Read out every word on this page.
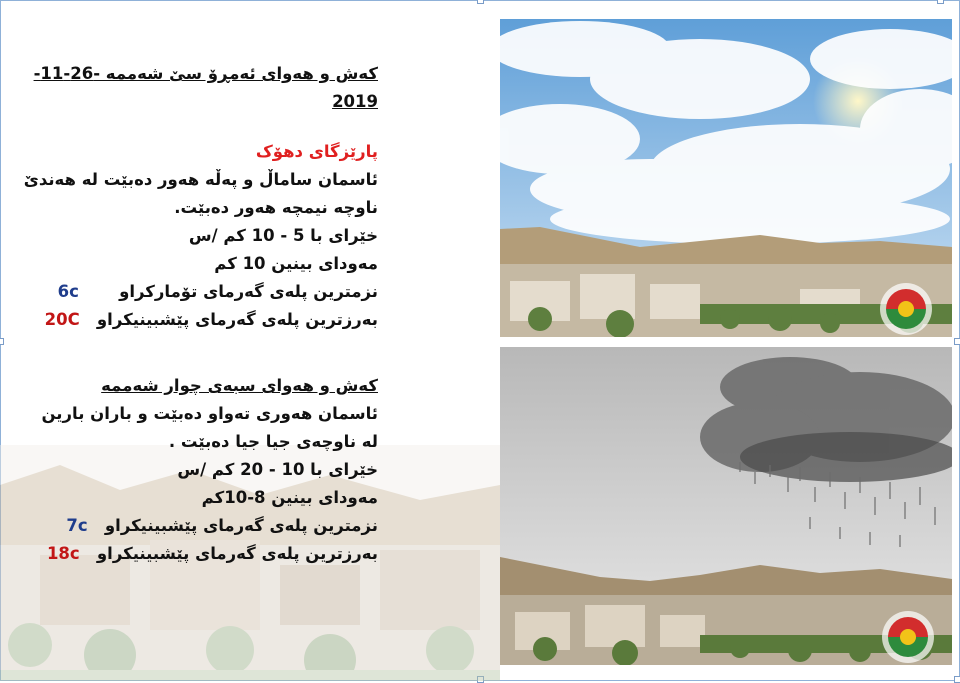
کەش و هەوای ئەمڕۆ سێ شەممە -26-11-2019
پارێزگای دهۆک
ئاسمان ساماڵ و پەڵە هەور دەبێت لە هەندێ ناوچە نیمچە هەور دەبێت.
خێرای با 5 - 10 کم /س
مەودای بینین 10 کم
نزمترین پلەی گەرمای تۆمارکراو       6c
بەرزترین پلەی گەرمای پێشبینیکراو   20C
کەش و هەوای سبەی چوار شەممە
ئاسمان هەوری تەواو دەبێت و باران بارین لە ناوچەی جیا جیا دەبێت .
خێرای با 10 - 20 کم /س
مەودای بینین 8-10کم
نزمترین پلەی گەرمای پێشبینیکراو   7c
بەرزترین پلەی گەرمای پێشبینیکراو   18c
